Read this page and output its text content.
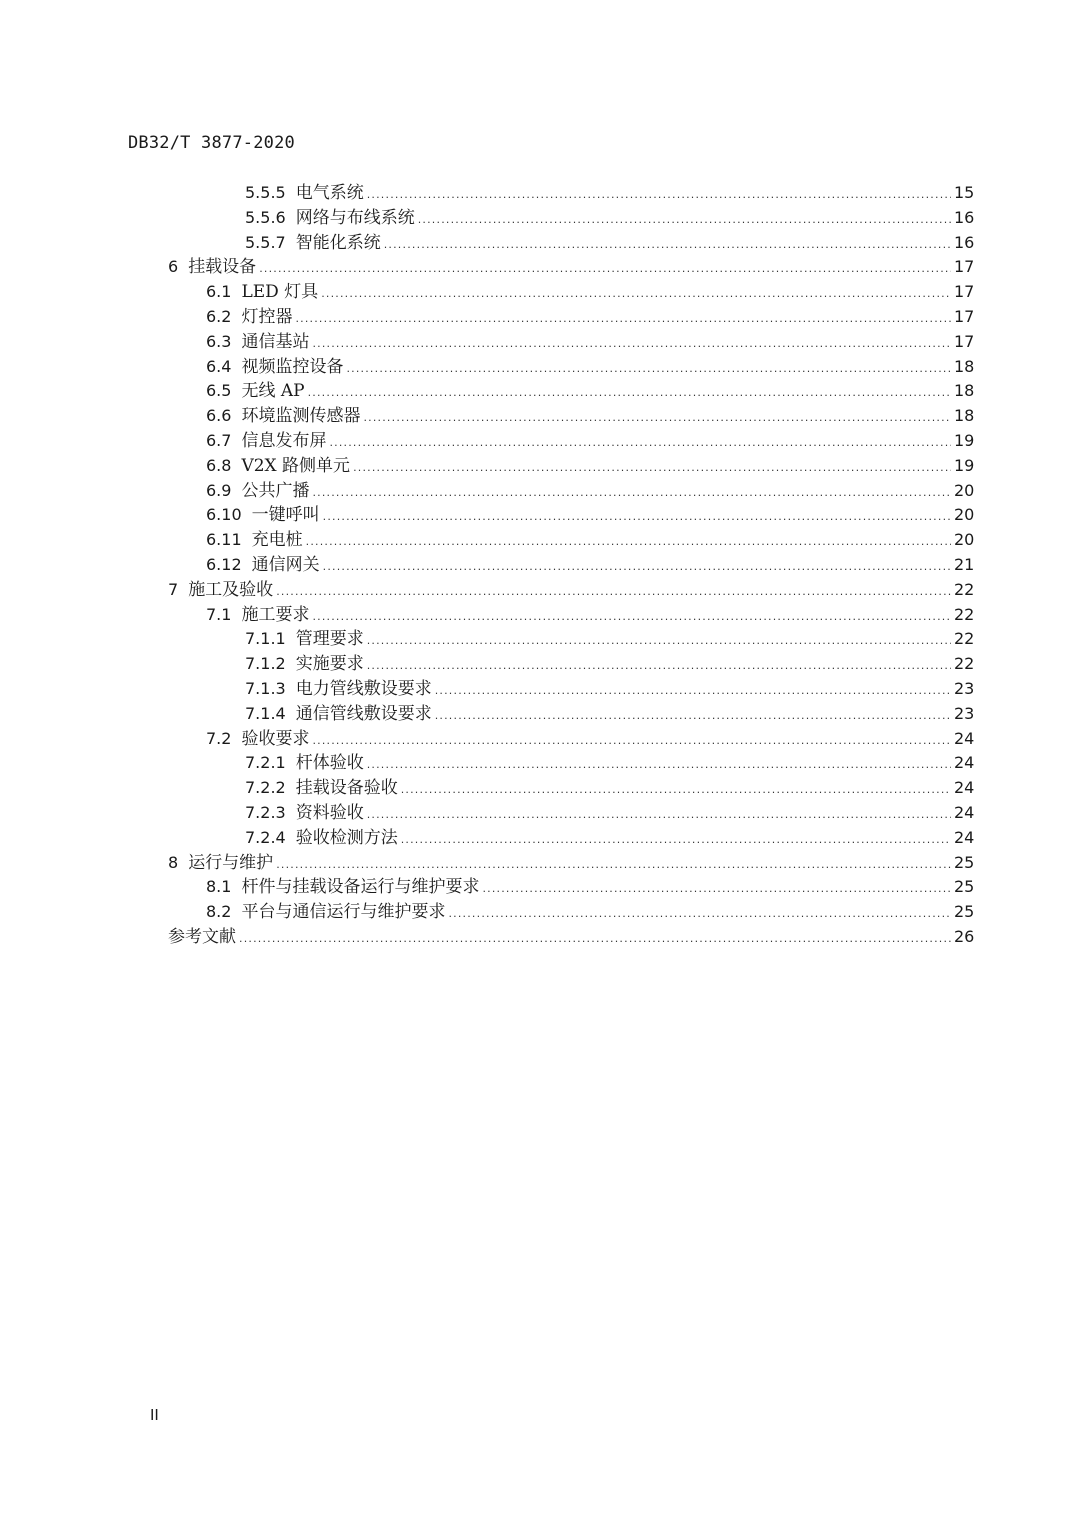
DB32/T 3877-2020
5.5.5 电气系统 .....	15
5.5.6 网络与布线系统 .....	16
5.5.7 智能化系统 .....	16
6 挂载设备 .....	17
6.1 LED 灯具 .....	17
6.2 灯控器 .....	17
6.3 通信基站 .....	17
6.4 视频监控设备 .....	18
6.5 无线 AP .....	18
6.6 环境监测传感器 .....	18
6.7 信息发布屏 .....	19
6.8 V2X 路侧单元 .....	19
6.9 公共广播 .....	20
6.10 一键呼叫 .....	20
6.11 充电桩 .....	20
6.12 通信网关 .....	21
7 施工及验收 .....	22
7.1 施工要求 .....	22
7.1.1 管理要求 .....	22
7.1.2 实施要求 .....	22
7.1.3 电力管线敷设要求 .....	23
7.1.4 通信管线敷设要求 .....	23
7.2 验收要求 .....	24
7.2.1 杆体验收 .....	24
7.2.2 挂载设备验收 .....	24
7.2.3 资料验收 .....	24
7.2.4 验收检测方法 .....	24
8 运行与维护 .....	25
8.1 杆件与挂载设备运行与维护要求 .....	25
8.2 平台与通信运行与维护要求 .....	25
参考文献 .....	26
II
